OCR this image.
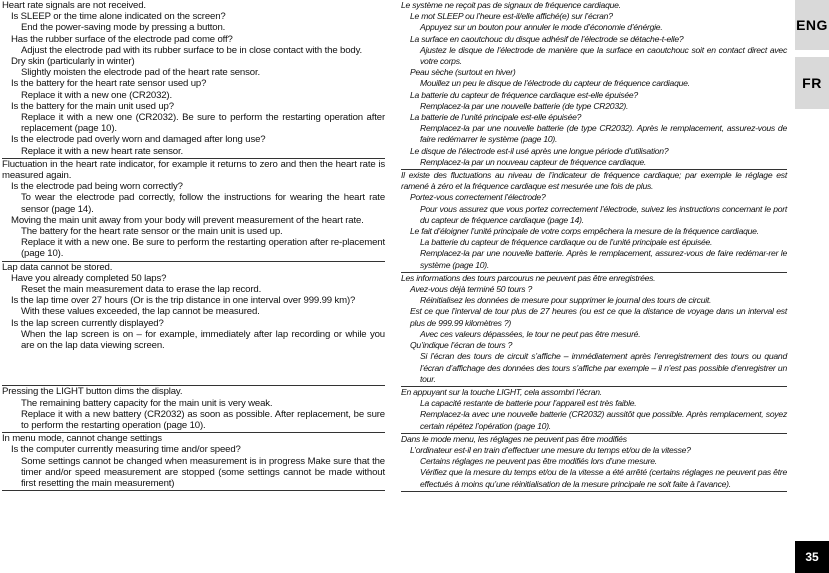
Heart rate signals are not received.

Is SLEEP or the time alone indicated on the screen?

End the power-saving mode by pressing a button.

Has the rubber surface of the electrode pad come off?

Adjust the electrode pad with its rubber surface to be in close contact with the body.

Dry skin (particularly in winter)

Slightly moisten the electrode pad of the heart rate sensor.

Is the battery for the heart rate sensor used up?

Replace it with a new one (CR2032).

Is the battery for the main unit used up?

Replace it with a new one (CR2032). Be sure to perform the restarting operation after replacement (page 10).

Is the electrode pad overly worn and damaged after long use?

Replace it with a new heart rate sensor.

Fluctuation in the heart rate indicator, for example it returns to zero and then the heart rate is measured again.

Is the electrode pad being worn correctly?

To wear the electrode pad correctly, follow the instructions for wearing the heart rate sensor (page 14).

Moving the main unit away from your body will prevent measurement of the heart rate.

The battery for the heart rate sensor or the main unit is used up.

Replace it with a new one. Be sure to perform the restarting operation after re-placement (page 10).

Lap data cannot be stored.

Have you already completed 50 laps?

Reset the main measurement data to erase the lap record.

Is the lap time over 27 hours (Or is the trip distance in one interval over 999.99 km)?

With these values exceeded, the lap cannot be measured.

Is the lap screen currently displayed?

When the lap screen is on – for example, immediately after lap recording or while you are on the lap data viewing screen.

Pressing the LIGHT button dims the display.

The remaining battery capacity for the main unit is very weak.

Replace it with a new battery (CR2032) as soon as possible. After replacement, be sure to perform the restarting operation (page 10).

In menu mode, cannot change settings

Is the computer currently measuring time and/or speed?

Some settings cannot be changed when measurement is in progress Make sure that the timer and/or speed measurement are stopped (some settings cannot be made without first resetting the main measurement)

Le système ne reçoit pas de signaux de fréquence cardiaque.

Le mot SLEEP ou l’heure est-il/elle affiché(e) sur l’écran?

Appuyez sur un bouton pour annuler le mode d’économie d’énérgie.

La surface en caoutchouc du disque adhésif de l’électrode se détache-t-elle?

Ajustez le disque de l’électrode de manière que la surface en caoutchouc soit en contact direct avec votre corps.

Peau sèche (surtout en hiver)

Mouillez un peu le disque de l’électrode du capteur de fréquence cardiaque.

La batterie du capteur de fréquence cardiaque est-elle épuisée?

Remplacez-la par une nouvelle batterie (de type CR2032).

La batterie de l’unité principale est-elle épuisée?

Remplacez-la par une nouvelle batterie (de type CR2032). Après le remplacement, assurez-vous de faire redémarrer le système (page 10).

Le disque de l’électrode est-il usé après une longue période d’utilisation?

Remplacez-la par un nouveau capteur de fréquence cardiaque.

Il existe des fluctuations au niveau de l’indicateur de fréquence cardiaque; par exemple le réglage est ramené à zéro et la fréquence cardiaque est mesurée une fois de plus.

Portez-vous correctement l’électrode?

Pour vous assurez que vous portez correctement l’électrode, suivez les instructions concernant le port du capteur de fréquence cardiaque (page 14).

Le fait d’éloigner l’unité principale de votre corps empêchera la mesure de la fréquence cardiaque.

La batterie du capteur de fréquence cardiaque ou de l’unité principale est épuisée.

Remplacez-la par une nouvelle batterie. Après le remplacement, assurez-vous de faire redémar-rer le système (page 10).

Les informations des tours parcourus ne peuvent pas être enregistrées.

Avez-vous déjà terminé 50 tours ?

Réinitialisez les données de mesure pour supprimer le journal des tours de circuit.

Est ce que l’interval de tour plus de 27 heures (ou est ce que la distance de voyage dans un interval est plus de 999.99 kilomètres ?)

Avec ces valeurs dépassées, le tour ne peut pas être mesuré.

Qu’indique l’écran de tours ?

Si l’écran des tours de circuit s’affiche – immédiatement après l’enregistrement des tours ou quand l’écran d’affichage des données des tours s’affiche par exemple – il n’est pas possible d’enregistrer un tour.

En appuyant sur la touche LIGHT, cela assombri l’écran.

La capacité restante de batterie pour l’appareil est très faible.

Remplacez-la avec une nouvelle batterie (CR2032) aussitôt que possible. Après remplacement, soyez certain répétez l’opération (page 10).

Dans le mode menu, les réglages ne peuvent pas être modifiés

L’ordinateur est-il en train d’effectuer une mesure du temps et/ou de la vitesse?

Certains réglages ne peuvent pas être modifiés lors d’une mesure.

Vérifiez que la mesure du temps et/ou de la vitesse a été arrêté (certains réglages ne peuvent pas être effectués à moins qu’une réinitialisation de la mesure principale ne soit faite à l’avance).

ENG
FR
35
